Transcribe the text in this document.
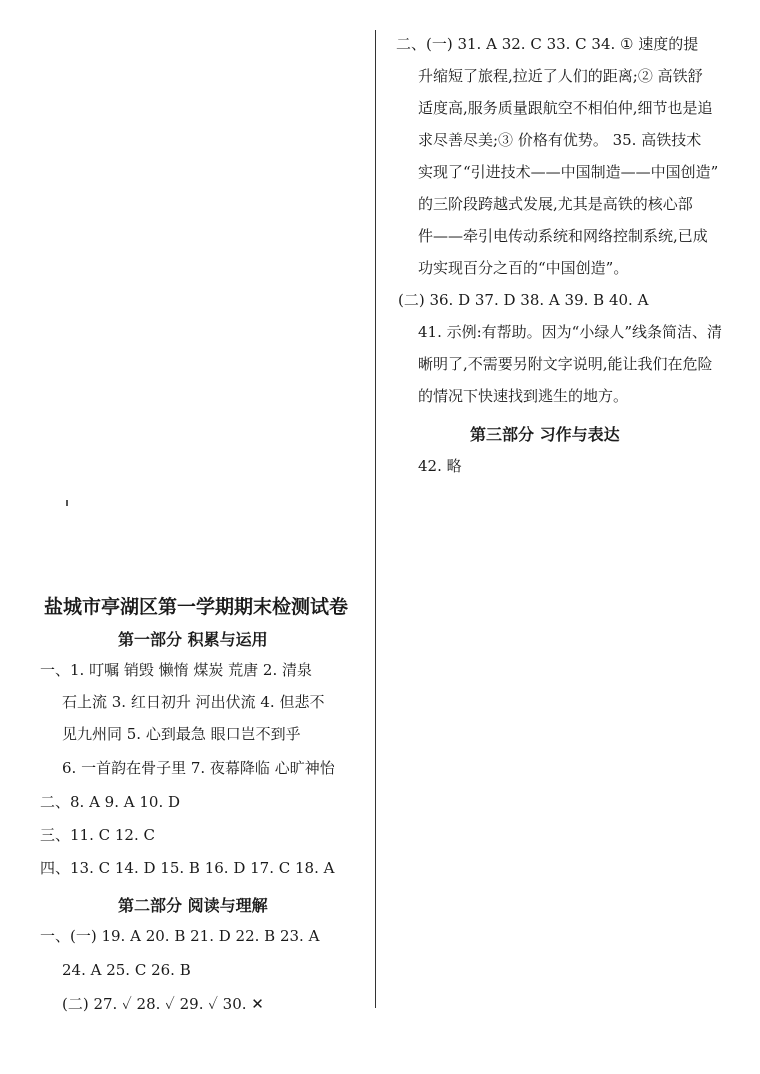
二、(一) 31. A 32. C 33. C 34. ① 速度的提
升缩短了旅程,拉近了人们的距离;② 高铁舒
适度高,服务质量跟航空不相伯仲,细节也是追
求尽善尽美;③ 价格有优势。 35. 高铁技术
实现了“引进技术——中国制造——中国创造”
的三阶段跨越式发展,尤其是高铁的核心部
件——牵引电传动系统和网络控制系统,已成
功实现百分之百的“中国创造”。
(二) 36. D 37. D 38. A 39. B 40. A
41. 示例:有帮助。因为“小绿人”线条简洁、清
晰明了,不需要另附文字说明,能让我们在危险
的情况下快速找到逃生的地方。
第三部分 习作与表达
42. 略
盐城市亭湖区第一学期期末检测试卷
第一部分 积累与运用
一、1. 叮嘱 销毁 懒惰 煤炭 荒唐 2. 清泉
石上流 3. 红日初升 河出伏流 4. 但悲不
见九州同 5. 心到最急 眼口岂不到乎
6. 一首韵在骨子里 7. 夜幕降临 心旷神怡
二、8. A 9. A 10. D
三、11. C 12. C
四、13. C 14. D 15. B 16. D 17. C 18. A
第二部分 阅读与理解
一、(一) 19. A 20. B 21. D 22. B 23. A
24. A 25. C 26. B
(二) 27. ✓ 28. ✓ 29. ✓ 30. ✕
